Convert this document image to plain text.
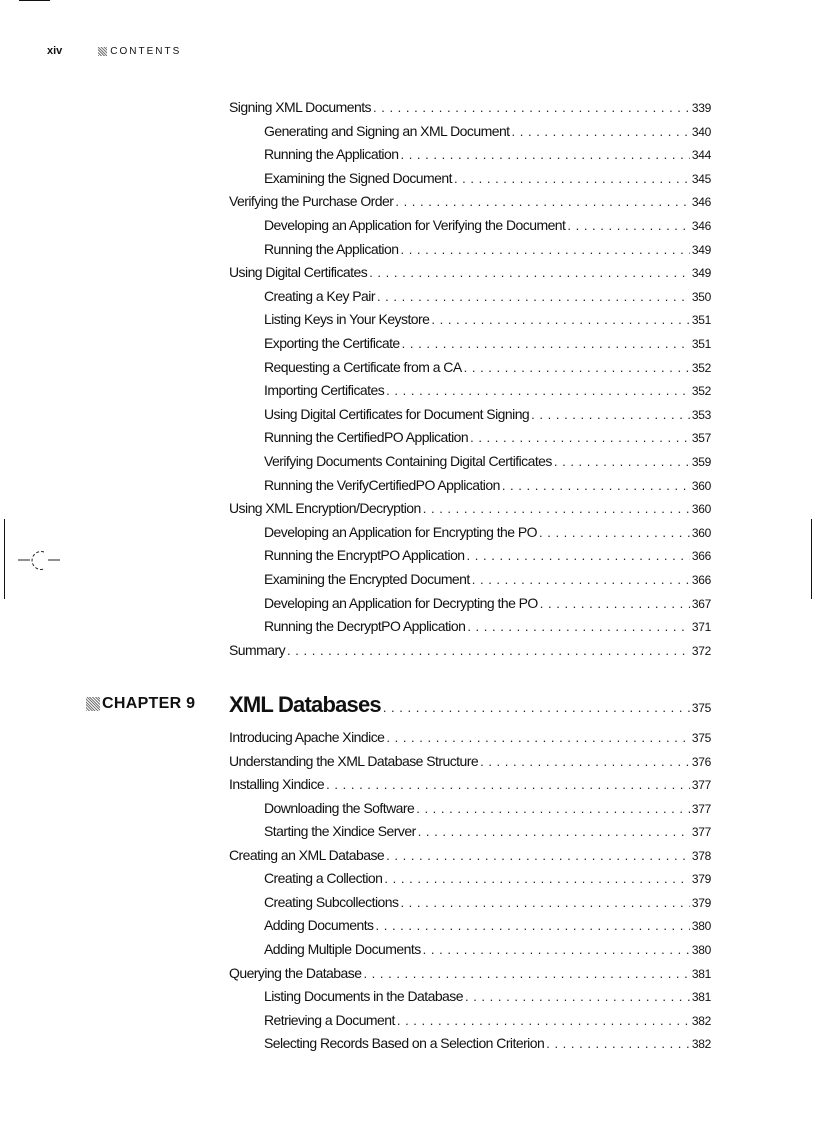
xiv	CONTENTS
Signing XML Documents . . .	339
Generating and Signing an XML Document . . .	340
Running the Application . . .	344
Examining the Signed Document . . .	345
Verifying the Purchase Order . . .	346
Developing an Application for Verifying the Document . . .	346
Running the Application . . .	349
Using Digital Certificates . . .	349
Creating a Key Pair . . .	350
Listing Keys in Your Keystore . . .	351
Exporting the Certificate . . .	351
Requesting a Certificate from a CA . . .	352
Importing Certificates . . .	352
Using Digital Certificates for Document Signing . . .	353
Running the CertifiedPO Application . . .	357
Verifying Documents Containing Digital Certificates . . .	359
Running the VerifyCertifiedPO Application . . .	360
Using XML Encryption/Decryption . . .	360
Developing an Application for Encrypting the PO . . .	360
Running the EncryptPO Application . . .	366
Examining the Encrypted Document . . .	366
Developing an Application for Decrypting the PO . . .	367
Running the DecryptPO Application . . .	371
Summary . . .	372
CHAPTER 9 XML Databases . . .	375
Introducing Apache Xindice . . .	375
Understanding the XML Database Structure . . .	376
Installing Xindice . . .	377
Downloading the Software . . .	377
Starting the Xindice Server . . .	377
Creating an XML Database . . .	378
Creating a Collection . . .	379
Creating Subcollections . . .	379
Adding Documents . . .	380
Adding Multiple Documents . . .	380
Querying the Database . . .	381
Listing Documents in the Database . . .	381
Retrieving a Document . . .	382
Selecting Records Based on a Selection Criterion . . .	382
